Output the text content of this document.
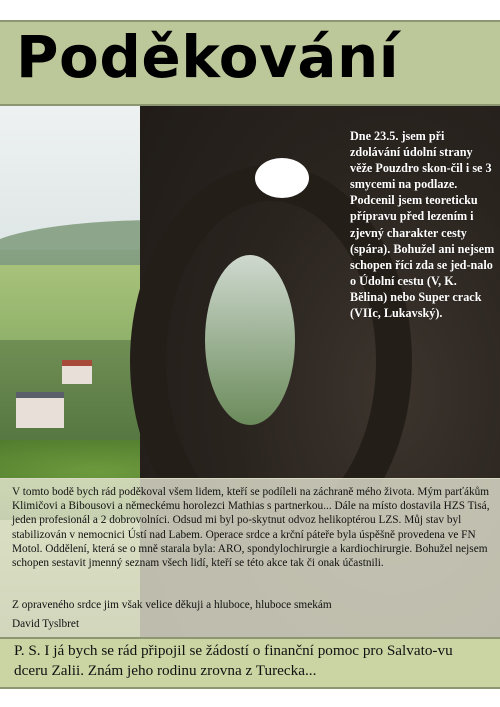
Poděkování
Dne 23.5. jsem při zdolávání údolní strany věže Pouzdro skon-čil i se 3 smycemi na podlaze. Podcenil jsem teoreticku přípravu před lezením i zjevný charakter cesty (spára). Bohužel ani nejsem schopen říci zda se jed-nalo o Údolní cestu (V, K. Bělina) nebo Super crack (VIIc, Lukavský).
V tomto bodě bych rád poděkoval všem lidem, kteří se podíleli na záchraně mého života. Mým parťákům Klimičovi a Bibousovi a německému horolezci Mathias s partnerkou... Dále na místo dostavila HZS Tisá, jeden profesionál a 2 dobrovolníci. Odsud mi byl po-skytnut odvoz helikoptérou LZS. Můj stav byl stabilizován v nemocnici Ústí nad Labem. Operace srdce a krční páteře byla úspěšně provedena ve FN Motol. Oddělení, která se o mně starala byla: ARO, spondylochirurgie a kardiochirurgie. Bohužel nejsem schopen sestavit jmenný seznam všech lidí, kteří se této akce tak či onak účastnili.
Z opraveného srdce jim však velice děkuji a hluboce, hluboce smekám
David Tyslbret
P. S. I já bych se rád připojil se žádostí o finanční pomoc pro Salvato-vu dceru Zalii. Znám jeho rodinu zrovna z Turecka...
